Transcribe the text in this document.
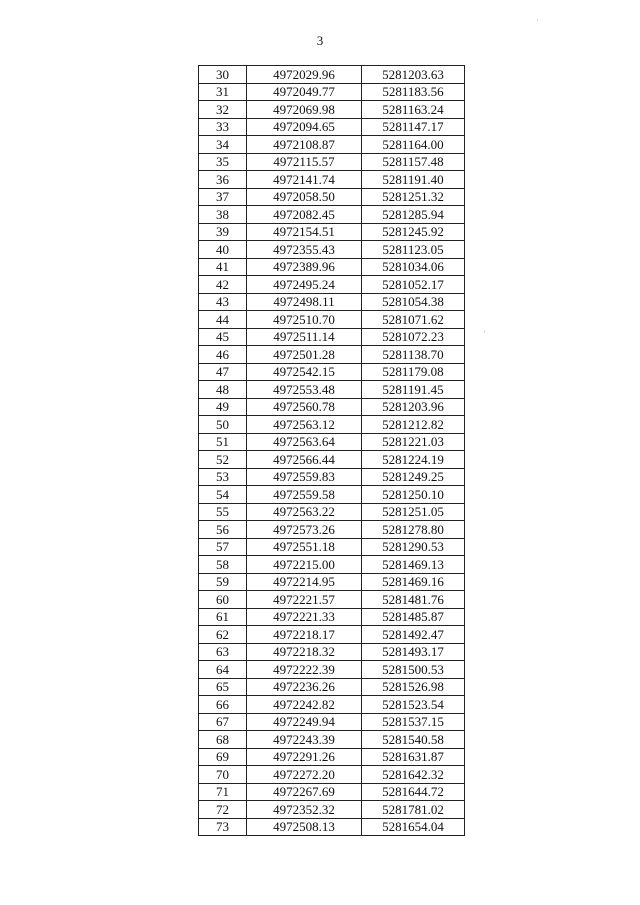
3
30	4972029.96	5281203.63
31	4972049.77	5281183.56
32	4972069.98	5281163.24
33	4972094.65	5281147.17
34	4972108.87	5281164.00
35	4972115.57	5281157.48
36	4972141.74	5281191.40
37	4972058.50	5281251.32
38	4972082.45	5281285.94
39	4972154.51	5281245.92
40	4972355.43	5281123.05
41	4972389.96	5281034.06
42	4972495.24	5281052.17
43	4972498.11	5281054.38
44	4972510.70	5281071.62
45	4972511.14	5281072.23
46	4972501.28	5281138.70
47	4972542.15	5281179.08
48	4972553.48	5281191.45
49	4972560.78	5281203.96
50	4972563.12	5281212.82
51	4972563.64	5281221.03
52	4972566.44	5281224.19
53	4972559.83	5281249.25
54	4972559.58	5281250.10
55	4972563.22	5281251.05
56	4972573.26	5281278.80
57	4972551.18	5281290.53
58	4972215.00	5281469.13
59	4972214.95	5281469.16
60	4972221.57	5281481.76
61	4972221.33	5281485.87
62	4972218.17	5281492.47
63	4972218.32	5281493.17
64	4972222.39	5281500.53
65	4972236.26	5281526.98
66	4972242.82	5281523.54
67	4972249.94	5281537.15
68	4972243.39	5281540.58
69	4972291.26	5281631.87
70	4972272.20	5281642.32
71	4972267.69	5281644.72
72	4972352.32	5281781.02
73	4972508.13	5281654.04
